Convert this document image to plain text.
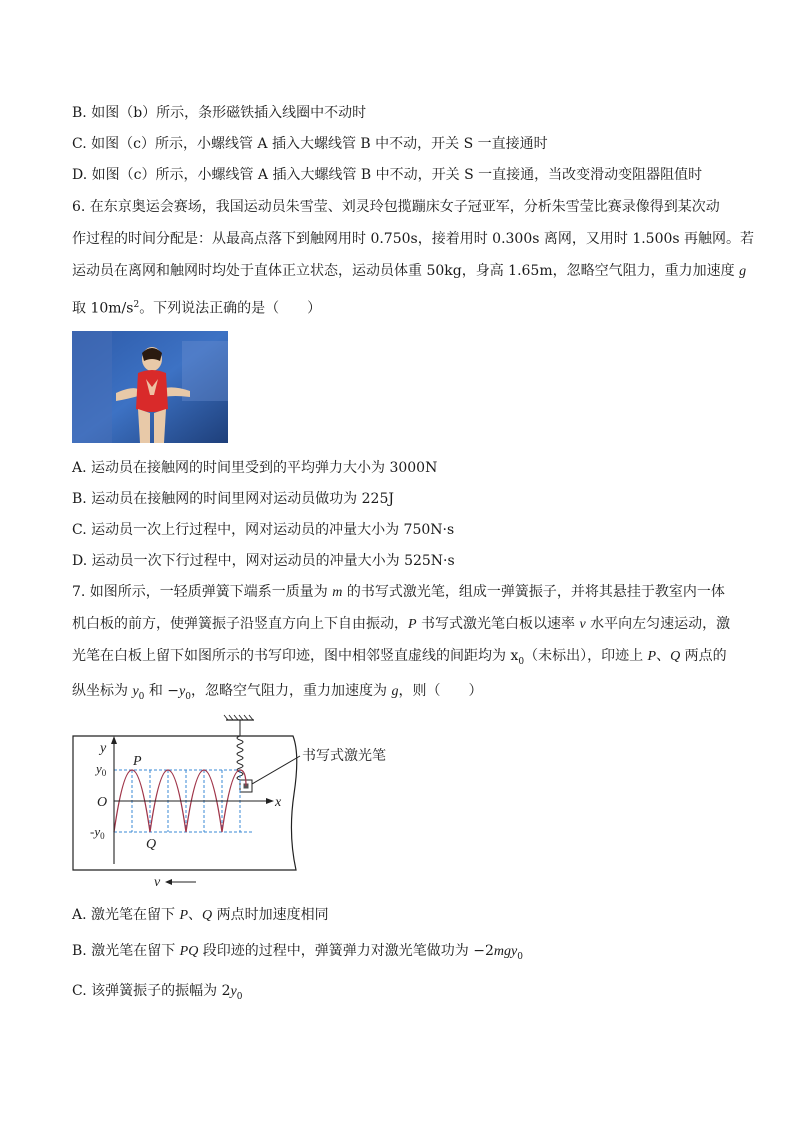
B. 如图（b）所示，条形磁铁插入线圈中不动时
C. 如图（c）所示，小螺线管 A 插入大螺线管 B 中不动，开关 S 一直接通时
D. 如图（c）所示，小螺线管 A 插入大螺线管 B 中不动，开关 S 一直接通，当改变滑动变阻器阻值时
6. 在东京奥运会赛场，我国运动员朱雪莹、刘灵玲包揽蹦床女子冠亚军，分析朱雪莹比赛录像得到某次动
作过程的时间分配是：从最高点落下到触网用时 0.750s，接着用时 0.300s 离网，又用时 1.500s 再触网。若
运动员在离网和触网时均处于直体正立状态，运动员体重 50kg，身高 1.65m，忽略空气阻力，重力加速度 g
取 $10m/s^2$。下列说法正确的是（　　）
A. 运动员在接触网的时间里受到的平均弹力大小为 3000N
B. 运动员在接触网的时间里网对运动员做功为 225J
C. 运动员一次上行过程中，网对运动员的冲量大小为 750N·s
D. 运动员一次下行过程中，网对运动员的冲量大小为 525N·s
7. 如图所示，一轻质弹簧下端系一质量为 m 的书写式激光笔，组成一弹簧振子，并将其悬挂于教室内一体
机白板的前方，使弹簧振子沿竖直方向上下自由振动，P 书写式激光笔白板以速率 v 水平向左匀速运动，激
光笔在白板上留下如图所示的书写印迹，图中相邻竖直虚线的间距均为 $x_0$（未标出），印迹上 P、Q 两点的
纵坐标为 $y_0$ 和 $-y_0$，忽略空气阻力，重力加速度为 g，则（　　）
书写式激光笔
y
$y_0$
O
$-y_0$
x
P
Q
v
A. 激光笔在留下 P、Q 两点时加速度相同
B. 激光笔在留下 PQ 段印迹的过程中，弹簧弹力对激光笔做功为 −2mgy$_0$
C. 该弹簧振子的振幅为 $2y_0$
